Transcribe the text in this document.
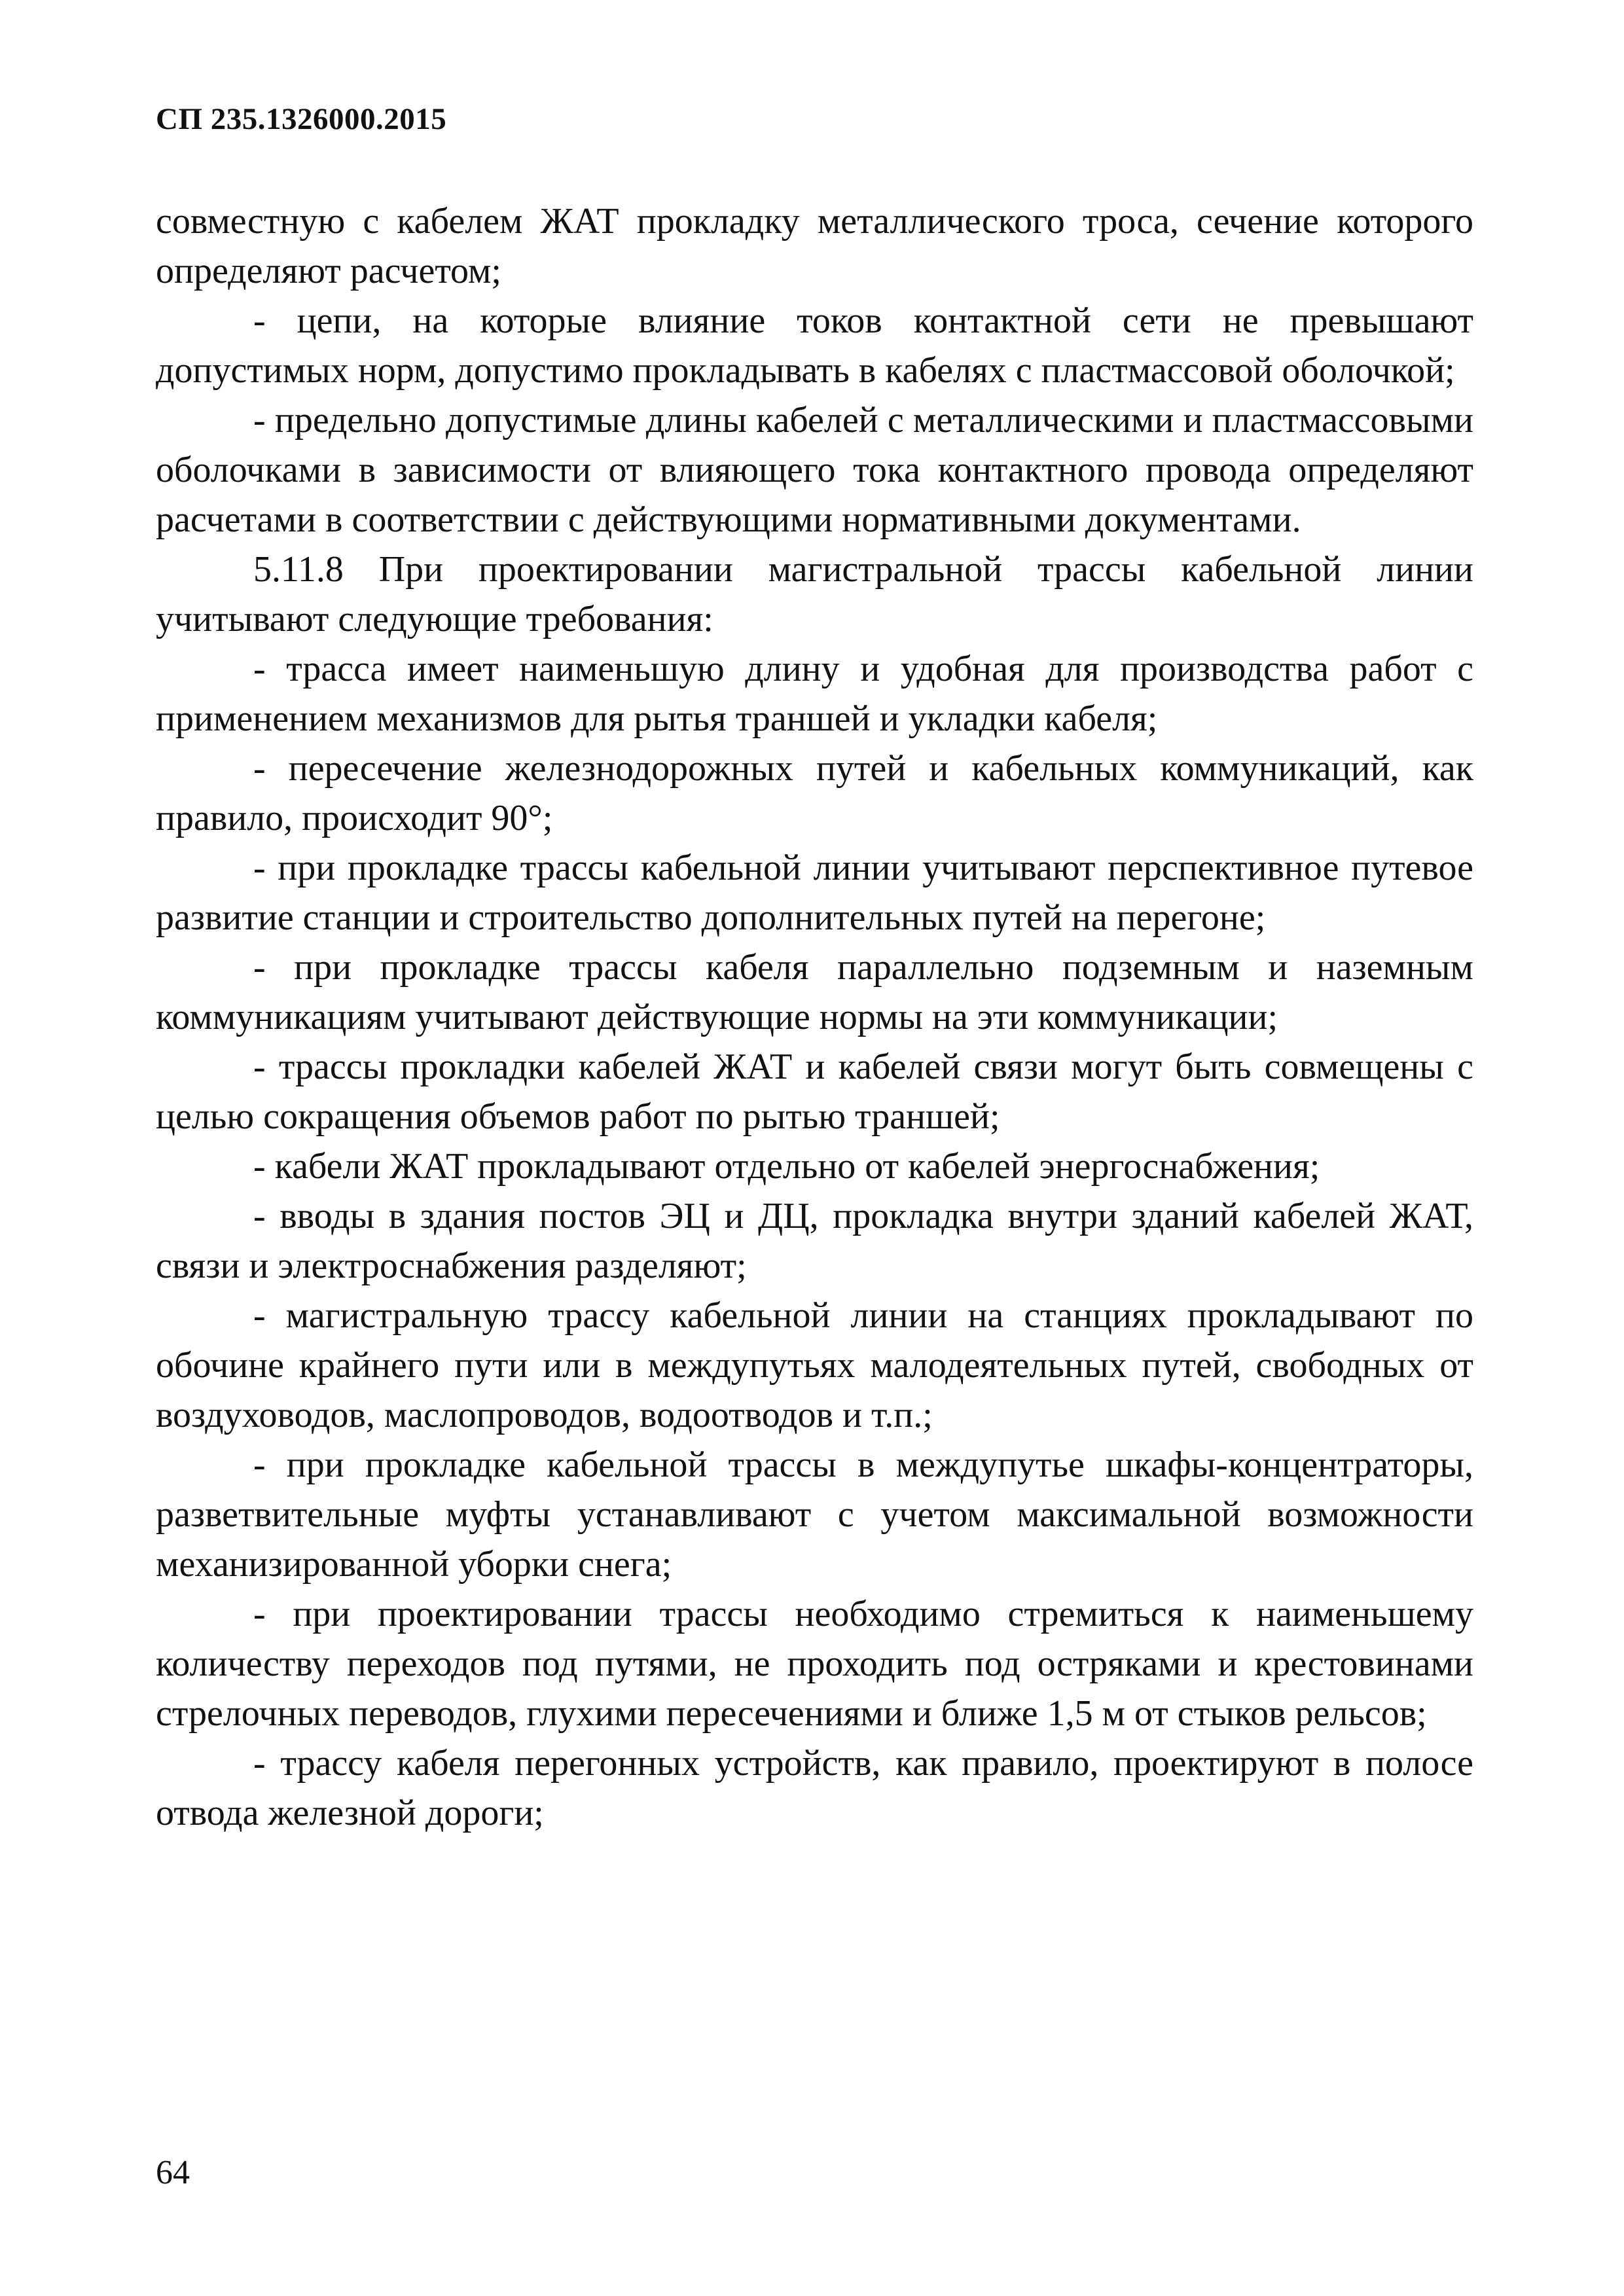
СП 235.1326000.2015

совместную с кабелем ЖАТ прокладку металлического троса, сечение которого определяют расчетом;

- цепи, на которые влияние токов контактной сети не превышают допустимых норм, допустимо прокладывать в кабелях с пластмассовой оболочкой;

- предельно допустимые длины кабелей с металлическими и пластмассовыми оболочками в зависимости от влияющего тока контактного провода определяют расчетами в соответствии с действующими нормативными документами.

5.11.8 При проектировании магистральной трассы кабельной линии учитывают следующие требования:

- трасса имеет наименьшую длину и удобная для производства работ с применением механизмов для рытья траншей и укладки кабеля;

- пересечение железнодорожных путей и кабельных коммуникаций, как правило, происходит 90°;

- при прокладке трассы кабельной линии учитывают перспективное путевое развитие станции и строительство дополнительных путей на перегоне;

- при прокладке трассы кабеля параллельно подземным и наземным коммуникациям учитывают действующие нормы на эти коммуникации;

- трассы прокладки кабелей ЖАТ и кабелей связи могут быть совмещены с целью сокращения объемов работ по рытью траншей;

- кабели ЖАТ прокладывают отдельно от кабелей энергоснабжения;

- вводы в здания постов ЭЦ и ДЦ, прокладка внутри зданий кабелей ЖАТ, связи и электроснабжения разделяют;

- магистральную трассу кабельной линии на станциях прокладывают по обочине крайнего пути или в междупутьях малодеятельных путей, свободных от воздуховодов, маслопроводов, водоотводов и т.п.;

- при прокладке кабельной трассы в междупутье шкафы-концентраторы, разветвительные муфты устанавливают с учетом максимальной возможности механизированной уборки снега;

- при проектировании трассы необходимо стремиться к наименьшему количеству переходов под путями, не проходить под остряками и крестовинами стрелочных переводов, глухими пересечениями и ближе 1,5 м от стыков рельсов;

- трассу кабеля перегонных устройств, как правило, проектируют в полосе отвода железной дороги;

64
